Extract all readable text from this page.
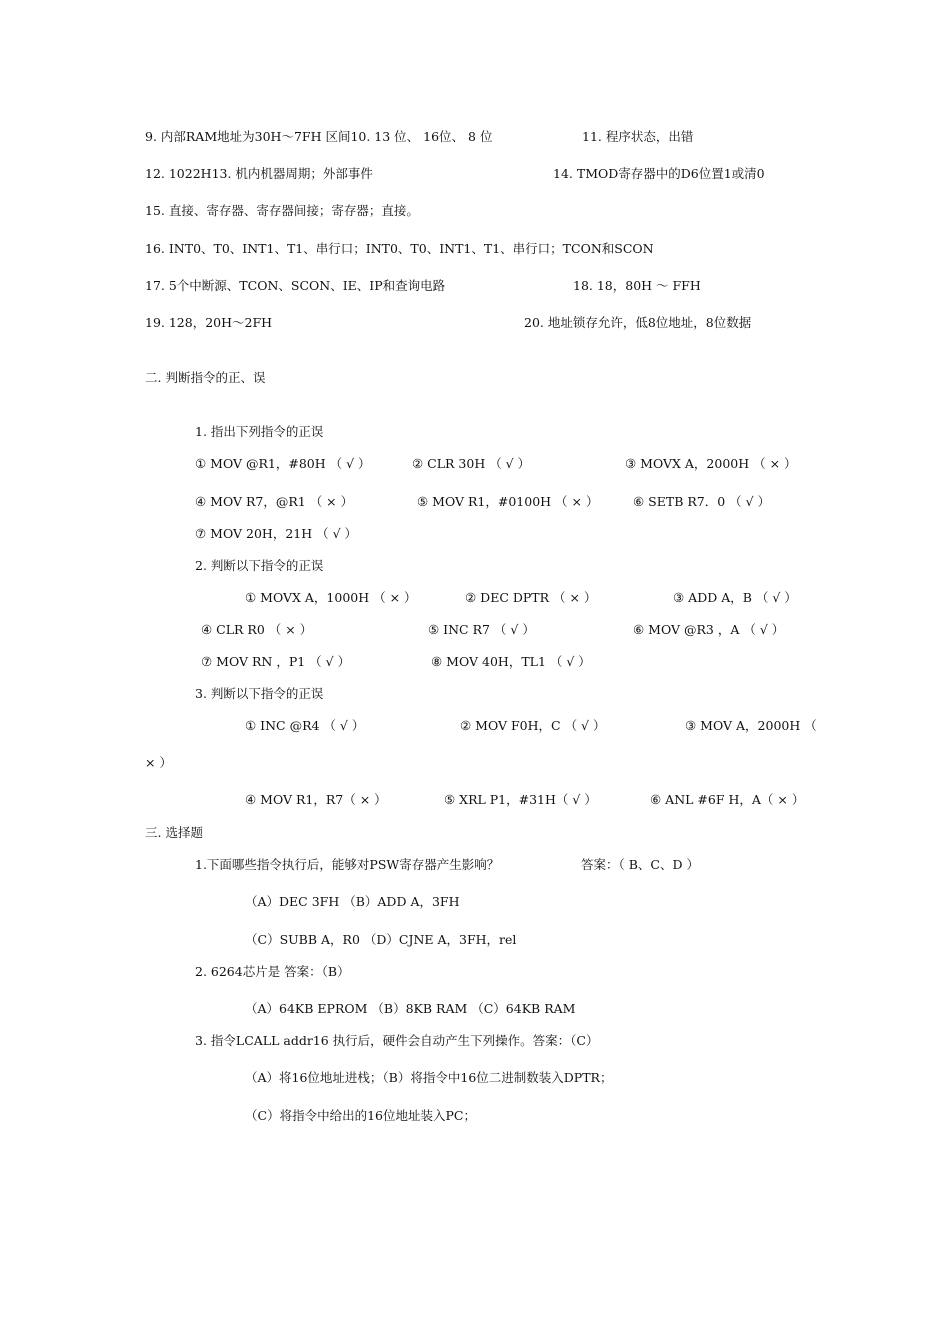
9. 内部RAM地址为30H～7FH 区间10. 13 位、 16位、 8 位	11. 程序状态，出错
12. 1022H13. 机内机器周期；外部事件	14. TMOD寄存器中的D6位置1或清0
15. 直接、寄存器、寄存器间接；寄存器；直接。
16. INT0、T0、INT1、T1、串行口；INT0、T0、INT1、T1、串行口；TCON和SCON
17. 5个中断源、TCON、SCON、IE、IP和查询电路	18. 18，80H ～ FFH
19. 128，20H～2FH	20. 地址锁存允许，低8位地址，8位数据
二. 判断指令的正、误
1. 指出下列指令的正误
① MOV @R1，#80H （ √ ）	② CLR 30H （ √ ）	③ MOVX A，2000H （ × ）
④ MOV R7，@R1 （ × ）	⑤ MOV R1，#0100H （ × ）	⑥ SETB R7．0 （ √ ）
⑦ MOV 20H，21H （ √ ）
2. 判断以下指令的正误
① MOVX A，1000H （ × ）	② DEC DPTR （ × ）	③ ADD A，B （ √ ）
④ CLR R0 （ × ）	⑤ INC R7 （ √ ）	⑥ MOV @R3 ，A （ √ ）
⑦ MOV RN ，P1 （ √ ）	⑧ MOV 40H，TL1 （ √ ）
3. 判断以下指令的正误
① INC @R4 （ √ ）	② MOV F0H，C （ √ ）	③ MOV A，2000H （
× ）
④ MOV R1，R7（ × ）	⑤ XRL P1，#31H（ √ ）	⑥ ANL #6F H，A（ × ）
三. 选择题
1.下面哪些指令执行后，能够对PSW寄存器产生影响？	答案：（ B、C、D ）
（A）DEC 3FH （B）ADD A，3FH
（C）SUBB A，R0 （D）CJNE A，3FH，rel
2. 6264芯片是 答案：（B）
（A）64KB EPROM （B）8KB RAM （C）64KB RAM
3. 指令LCALL addr16 执行后，硬件会自动产生下列操作。答案：（C）
（A）将16位地址进栈；（B）将指令中16位二进制数装入DPTR；
（C）将指令中给出的16位地址装入PC；
